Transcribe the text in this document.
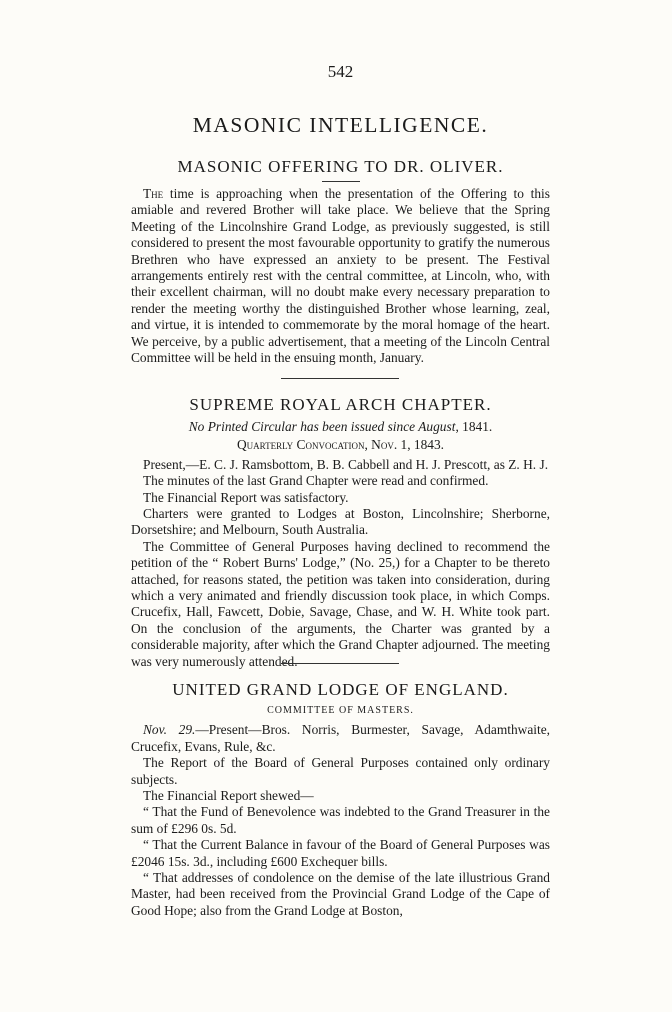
542
MASONIC INTELLIGENCE.
MASONIC OFFERING TO DR. OLIVER.

The time is approaching when the presentation of the Offering to this amiable and revered Brother will take place. We believe that the Spring Meeting of the Lincolnshire Grand Lodge, as previously suggested, is still considered to present the most favourable opportunity to gratify the numerous Brethren who have expressed an anxiety to be present. The Festival arrangements entirely rest with the central committee, at Lincoln, who, with their excellent chairman, will no doubt make every necessary preparation to render the meeting worthy the distinguished Brother whose learning, zeal, and virtue, it is intended to commemorate by the moral homage of the heart. We perceive, by a public advertisement, that a meeting of the Lincoln Central Committee will be held in the ensuing month, January.

SUPREME ROYAL ARCH CHAPTER.

No Printed Circular has been issued since August, 1841.

Quarterly Convocation, Nov. 1, 1843.

Present,—E. C. J. Ramsbottom, B. B. Cabbell and H. J. Prescott, as Z. H. J.

The minutes of the last Grand Chapter were read and confirmed.

The Financial Report was satisfactory.

Charters were granted to Lodges at Boston, Lincolnshire; Sherborne, Dorsetshire; and Melbourn, South Australia.

The Committee of General Purposes having declined to recommend the petition of the “ Robert Burns' Lodge,” (No. 25,) for a Chapter to be thereto attached, for reasons stated, the petition was taken into consideration, during which a very animated and friendly discussion took place, in which Comps. Crucefix, Hall, Fawcett, Dobie, Savage, Chase, and W. H. White took part. On the conclusion of the arguments, the Charter was granted by a considerable majority, after which the Grand Chapter adjourned. The meeting was very numerously attended.

UNITED GRAND LODGE OF ENGLAND.

COMMITTEE OF MASTERS.

Nov. 29.—Present—Bros. Norris, Burmester, Savage, Adamthwaite, Crucefix, Evans, Rule, &c.

The Report of the Board of General Purposes contained only ordinary subjects.

The Financial Report shewed—

“ That the Fund of Benevolence was indebted to the Grand Treasurer in the sum of £296 0s. 5d.

“ That the Current Balance in favour of the Board of General Purposes was £2046 15s. 3d., including £600 Exchequer bills.

“ That addresses of condolence on the demise of the late illustrious Grand Master, had been received from the Provincial Grand Lodge of the Cape of Good Hope; also from the Grand Lodge at Boston,
